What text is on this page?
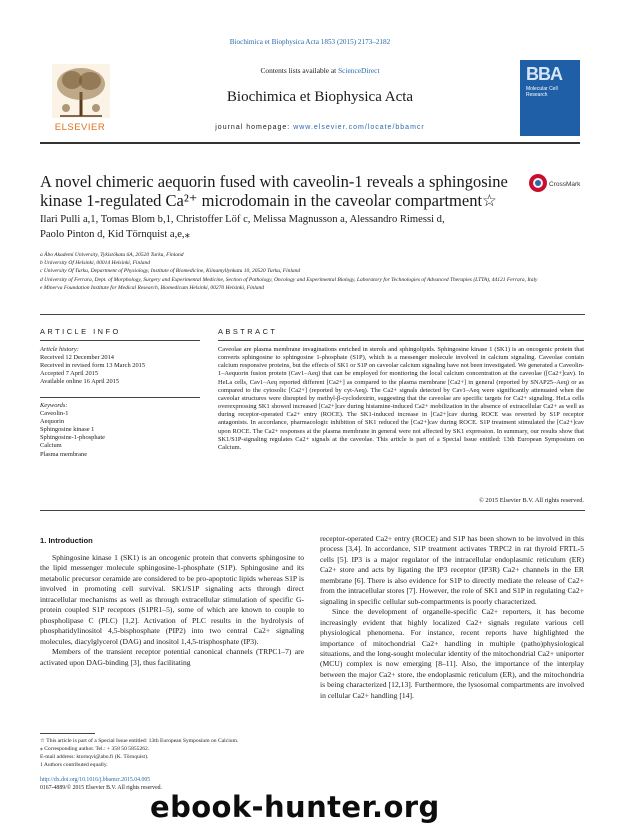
Biochimica et Biophysica Acta 1853 (2015) 2173–2182
ELSEVIER
Contents lists available at ScienceDirect
Biochimica et Biophysica Acta
journal homepage: www.elsevier.com/locate/bbamcr
BBA
Molecular Cell Research
A novel chimeric aequorin fused with caveolin-1 reveals a sphingosine kinase 1-regulated Ca²⁺ microdomain in the caveolar compartment☆
CrossMark
Ilari Pulli a,1, Tomas Blom b,1, Christoffer Löf c, Melissa Magnusson a, Alessandro Rimessi d,
Paolo Pinton d, Kid Törnquist a,e,⁎
a Åbo Akademi University, Tykistökatu 6A, 20520 Turku, Finland
b University Of Helsinki, 00014 Helsinki, Finland
c University Of Turku, Department of Physiology, Institute of Biomedicine, Kiinamyllynkatu 10, 20520 Turku, Finland
d University of Ferrara, Dept. of Morphology, Surgery and Experimental Medicine, Section of Pathology, Oncology and Experimental Biology, Laboratory for Technologies of Advanced Therapies (LTTA), 44121 Ferrara, Italy
e Minerva Foundation Institute for Medical Research, Biomedicum Helsinki, 00270 Helsinki, Finland
ARTICLE INFO
Article history:
Received 12 December 2014
Received in revised form 13 March 2015
Accepted 7 April 2015
Available online 16 April 2015
Keywords:
Caveolin-1
Aequorin
Sphingosine kinase 1
Sphingosine-1-phosphate
Calcium
Plasma membrane
ABSTRACT
Caveolae are plasma membrane invaginations enriched in sterols and sphingolipids. Sphingosine kinase 1 (SK1) is an oncogenic protein that converts sphingosine to sphingosine 1-phosphate (S1P), which is a messenger molecule involved in calcium signaling. Caveolae contain calcium responsive proteins, but the effects of SK1 or S1P on caveolar calcium signaling have not been investigated. We generated a Caveolin-1–Aequorin fusion protein (Cav1–Aeq) that can be employed for monitoring the local calcium concentration at the caveolae ([Ca2+]cav). In HeLa cells, Cav1–Aeq reported different [Ca2+] as compared to the plasma membrane [Ca2+] in general (reported by SNAP25–Aeq) or as compared to the cytosolic [Ca2+] (reported by cyt-Aeq). The Ca2+ signals detected by Cav1–Aeq were significantly attenuated when the caveolar structures were disrupted by methyl-β-cyclodextrin, suggesting that the caveolae are specific targets for Ca2+ signaling. HeLa cells overexpressing SK1 showed increased [Ca2+]cav during histamine-induced Ca2+ mobilization in the absence of extracellular Ca2+ as well as during receptor-operated Ca2+ entry (ROCE). The SK1-induced increase in [Ca2+]cav during ROCE was reverted by S1P receptor antagonists. In accordance, pharmacologic inhibition of SK1 reduced the [Ca2+]cav during ROCE. S1P treatment stimulated the [Ca2+]cav upon ROCE. The Ca2+ responses at the plasma membrane in general were not affected by SK1 expression. In summary, our results show that SK1/S1P-signaling regulates Ca2+ signals at the caveolae. This article is part of a Special Issue entitled: 13th European Symposium on Calcium.
© 2015 Elsevier B.V. All rights reserved.
1. Introduction

Sphingosine kinase 1 (SK1) is an oncogenic protein that converts sphingosine to the lipid messenger molecule sphingosine-1-phosphate (S1P). Sphingosine and its metabolic precursor ceramide are considered to be pro-apoptotic lipids whereas S1P is involved in promoting cell survival. SK1/S1P signaling acts through direct intracellular mechanisms as well as through extracellular stimulation of specific G-protein coupled S1P receptors (S1PR1–5), some of which are known to couple to phospholipase C (PLC) [1,2]. Activation of PLC results in the hydrolysis of phosphatidylinositol 4,5-bisphosphate (PIP2) into two central Ca2+ signaling molecules, diacylglycerol (DAG) and inositol 1,4,5-trisphosphate (IP3).

Members of the transient receptor potential canonical channels (TRPC1–7) are activated upon DAG-binding [3], thus facilitating

receptor-operated Ca2+ entry (ROCE) and S1P has been shown to be involved in this process [3,4]. In accordance, S1P treatment activates TRPC2 in rat thyroid FRTL-5 cells [5]. IP3 is a major regulator of the intracellular endoplasmic reticulum (ER) Ca2+ store and acts by ligating the IP3 receptor (IP3R) Ca2+ channels in the ER membrane [6]. There is also evidence for S1P to directly mediate the release of Ca2+ from the intracellular stores [7]. However, the role of SK1 and S1P in regulating Ca2+ signaling in specific cellular sub-compartments is poorly characterized.

Since the development of organelle-specific Ca2+ reporters, it has become increasingly evident that highly localized Ca2+ signals regulate various cell physiological phenomena. For instance, recent reports have highlighted the importance of mitochondrial Ca2+ handling in multiple (patho)physiological situations, and the long-sought molecular identity of the mitochondrial Ca2+ uniporter (MCU) complex is now emerging [8–11]. Also, the importance of the interplay between the major Ca2+ store, the endoplasmic reticulum (ER), and the mitochondria is being characterized [12,13]. Furthermore, the lysosomal compartments are involved in cellular Ca2+ handling [14].

☆ This article is part of a Special Issue entitled: 13th European Symposium on Calcium.
⁎ Corresponding author. Tel.: + 358 50 5855262.
E-mail address: ktornqvi@abo.fi (K. Törnquist).
1 Authors contributed equally.
http://dx.doi.org/10.1016/j.bbamcr.2015.04.005
0167-4889/© 2015 Elsevier B.V. All rights reserved.
ebook-hunter.org
